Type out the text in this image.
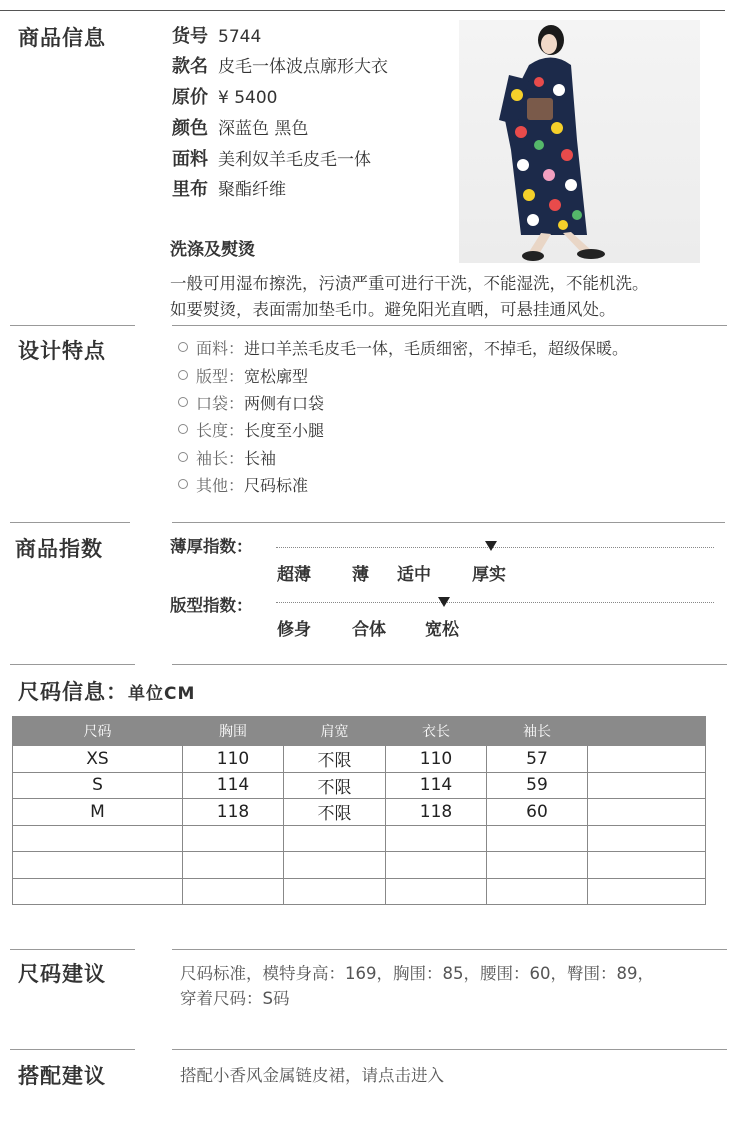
商品信息	货号 5744
款名 皮毛一体波点廓形大衣
原价 ¥ 5400
颜色 深蓝色 黑色
面料 美利奴羊毛皮毛一体
里布 聚酯纤维
洗涤及熨烫
一般可用湿布擦洗，污渍严重可进行干洗，不能湿洗，不能机洗。
如要熨烫，表面需加垫毛巾。避免阳光直晒，可悬挂通风处。
设计特点	面料：进口羊羔毛皮毛一体，毛质细密，不掉毛，超级保暖。
版型：宽松廓型
口袋：两侧有口袋
长度：长度至小腿
袖长：长袖
其他：尺码标准
商品指数	薄厚指数：
超薄 薄 适中 厚实
版型指数：
修身 合体 宽松
尺码信息：单位CM
尺码	胸围	肩宽	衣长	袖长	
XS	110	不限	110	57	
S	114	不限	114	59	
M	118	不限	118	60	

尺码建议	尺码标准，模特身高：169，胸围：85，腰围：60，臀围：89，
穿着尺码：S码
搭配建议	搭配小香风金属链皮裙，请点击进入
